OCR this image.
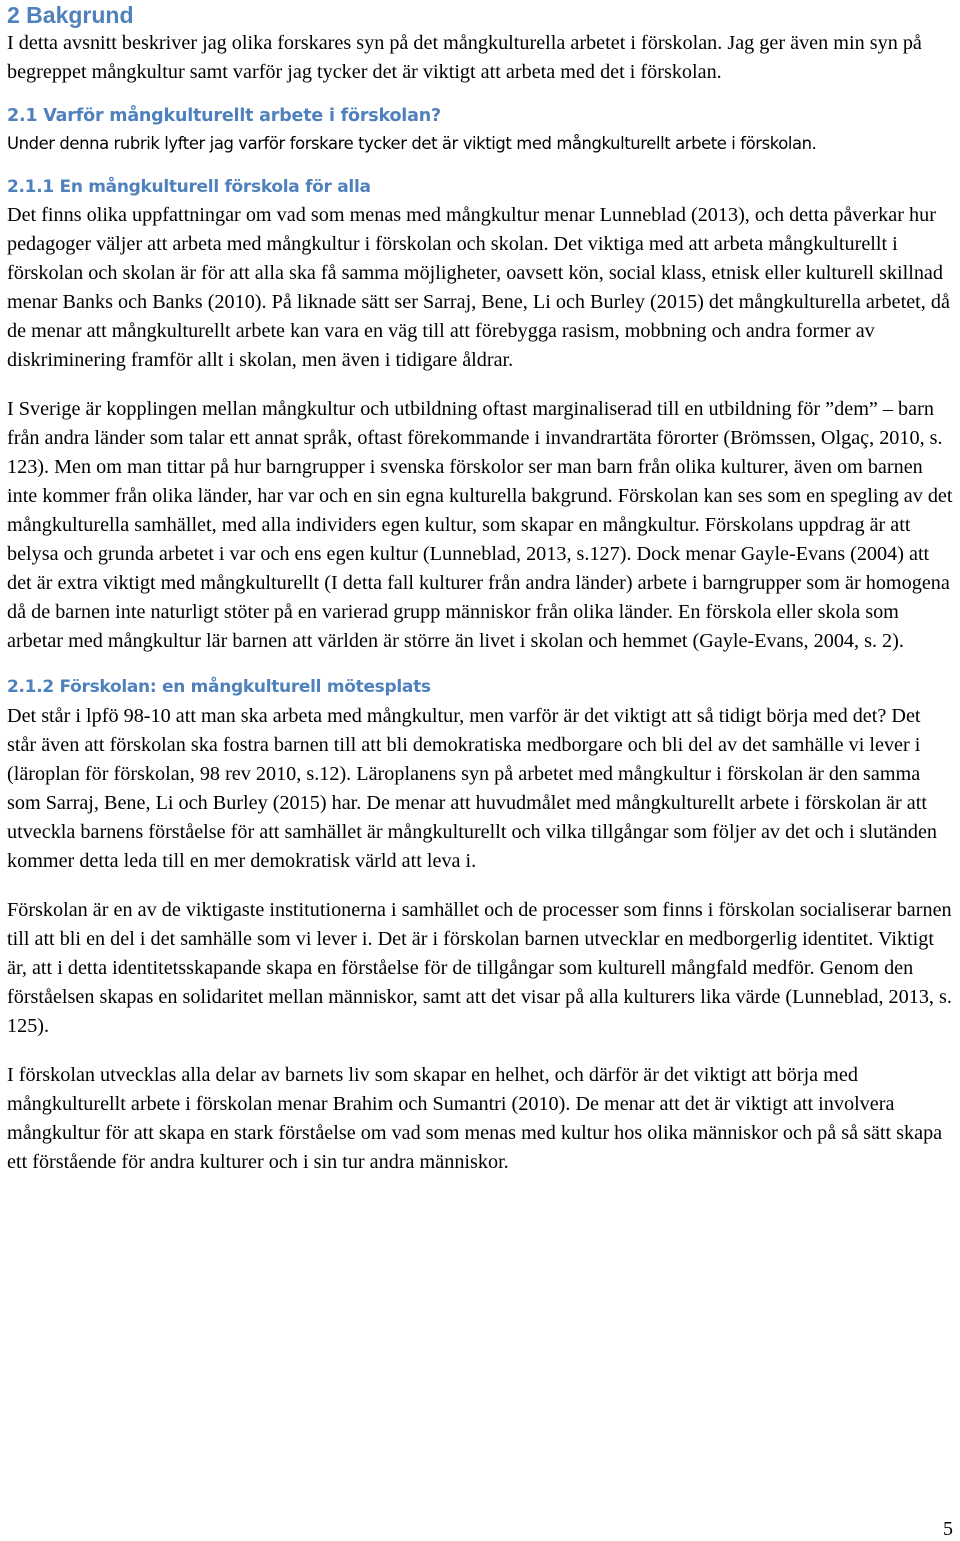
2 Bakgrund

I detta avsnitt beskriver jag olika forskares syn på det mångkulturella arbetet i förskolan. Jag ger även min syn på begreppet mångkultur samt varför jag tycker det är viktigt att arbeta med det i förskolan.

2.1 Varför mångkulturellt arbete i förskolan?

Under denna rubrik lyfter jag varför forskare tycker det är viktigt med mångkulturellt arbete i förskolan.

2.1.1 En mångkulturell förskola för alla

Det finns olika uppfattningar om vad som menas med mångkultur menar Lunneblad (2013), och detta påverkar hur pedagoger väljer att arbeta med mångkultur i förskolan och skolan. Det viktiga med att arbeta mångkulturellt i förskolan och skolan är för att alla ska få samma möjligheter, oavsett kön, social klass, etnisk eller kulturell skillnad menar Banks och Banks (2010). På liknade sätt ser Sarraj, Bene, Li och Burley (2015) det mångkulturella arbetet, då de menar att mångkulturellt arbete kan vara en väg till att förebygga rasism, mobbning och andra former av diskriminering framför allt i skolan, men även i tidigare åldrar.

I Sverige är kopplingen mellan mångkultur och utbildning oftast marginaliserad till en utbildning för ”dem” – barn från andra länder som talar ett annat språk, oftast förekommande i invandrartäta förorter (Brömssen, Olgaç, 2010, s. 123). Men om man tittar på hur barngrupper i svenska förskolor ser man barn från olika kulturer, även om barnen inte kommer från olika länder, har var och en sin egna kulturella bakgrund. Förskolan kan ses som en spegling av det mångkulturella samhället, med alla individers egen kultur, som skapar en mångkultur. Förskolans uppdrag är att belysa och grunda arbetet i var och ens egen kultur (Lunneblad, 2013, s.127). Dock menar Gayle-Evans (2004) att det är extra viktigt med mångkulturellt (I detta fall kulturer från andra länder) arbete i barngrupper som är homogena då de barnen inte naturligt stöter på en varierad grupp människor från olika länder. En förskola eller skola som arbetar med mångkultur lär barnen att världen är större än livet i skolan och hemmet (Gayle-Evans, 2004, s. 2).

2.1.2 Förskolan: en mångkulturell mötesplats

Det står i lpfö 98-10 att man ska arbeta med mångkultur, men varför är det viktigt att så tidigt börja med det? Det står även att förskolan ska fostra barnen till att bli demokratiska medborgare och bli del av det samhälle vi lever i (läroplan för förskolan, 98 rev 2010, s.12). Läroplanens syn på arbetet med mångkultur i förskolan är den samma som Sarraj, Bene, Li och Burley (2015) har. De menar att huvudmålet med mångkulturellt arbete i förskolan är att utveckla barnens förståelse för att samhället är mångkulturellt och vilka tillgångar som följer av det och i slutänden kommer detta leda till en mer demokratisk värld att leva i.

Förskolan är en av de viktigaste institutionerna i samhället och de processer som finns i förskolan socialiserar barnen till att bli en del i det samhälle som vi lever i. Det är i förskolan barnen utvecklar en medborgerlig identitet. Viktigt är, att i detta identitetsskapande skapa en förståelse för de tillgångar som kulturell mångfald medför. Genom den förståelsen skapas en solidaritet mellan människor, samt att det visar på alla kulturers lika värde (Lunneblad, 2013, s. 125).

I förskolan utvecklas alla delar av barnets liv som skapar en helhet, och därför är det viktigt att börja med mångkulturellt arbete i förskolan menar Brahim och Sumantri (2010). De menar att det är viktigt att involvera mångkultur för att skapa en stark förståelse om vad som menas med kultur hos olika människor och på så sätt skapa ett förstående för andra kulturer och i sin tur andra människor.

5
